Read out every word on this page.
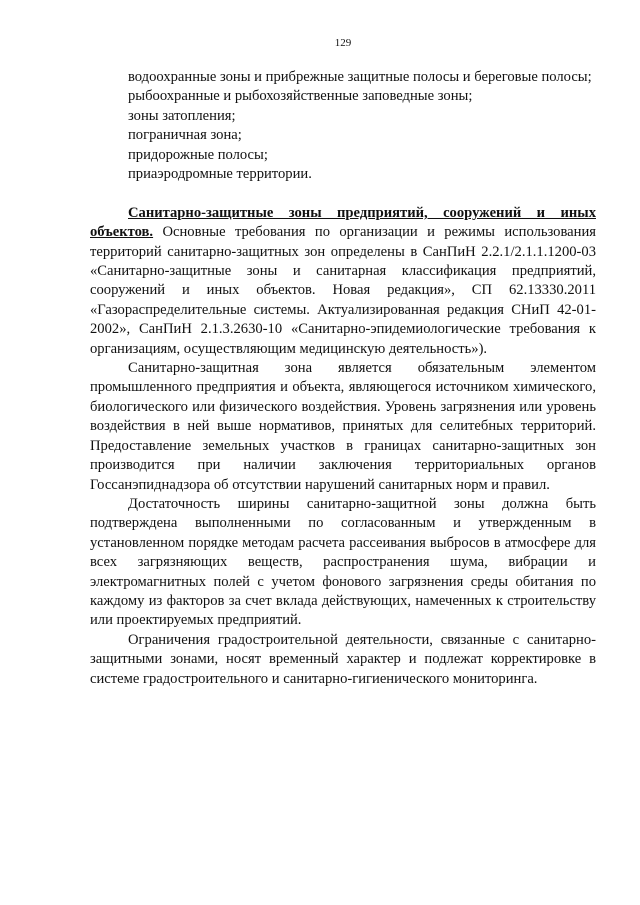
129

водоохранные зоны и прибрежные защитные полосы и береговые полосы;

рыбоохранные и рыбохозяйственные заповедные зоны;

зоны затопления;

пограничная зона;

придорожные полосы;

приаэродромные территории.

Санитарно-защитные зоны предприятий, сооружений и иных объектов. Основные требования по организации и режимы использования территорий санитарно-защитных зон определены в СанПиН 2.2.1/2.1.1.1200-03 «Санитарно-защитные зоны и санитарная классификация предприятий, сооружений и иных объектов. Новая редакция», СП 62.13330.2011 «Газораспределительные системы. Актуализированная редакция СНиП 42-01-2002», СанПиН 2.1.3.2630-10 «Санитарно-эпидемиологические требования к организациям, осуществляющим медицинскую деятельность»).

Санитарно-защитная зона является обязательным элементом промышленного предприятия и объекта, являющегося источником химического, биологического или физического воздействия. Уровень загрязнения или уровень воздействия в ней выше нормативов, принятых для селитебных территорий. Предоставление земельных участков в границах санитарно-защитных зон производится при наличии заключения территориальных органов Госсанэпиднадзора об отсутствии нарушений санитарных норм и правил.

Достаточность ширины санитарно-защитной зоны должна быть подтверждена выполненными по согласованным и утвержденным в установленном порядке методам расчета рассеивания выбросов в атмосфере для всех загрязняющих веществ, распространения шума, вибрации и электромагнитных полей с учетом фонового загрязнения среды обитания по каждому из факторов за счет вклада действующих, намеченных к строительству или проектируемых предприятий.

Ограничения градостроительной деятельности, связанные с санитарно-защитными зонами, носят временный характер и подлежат корректировке в системе градостроительного и санитарно-гигиенического мониторинга.
